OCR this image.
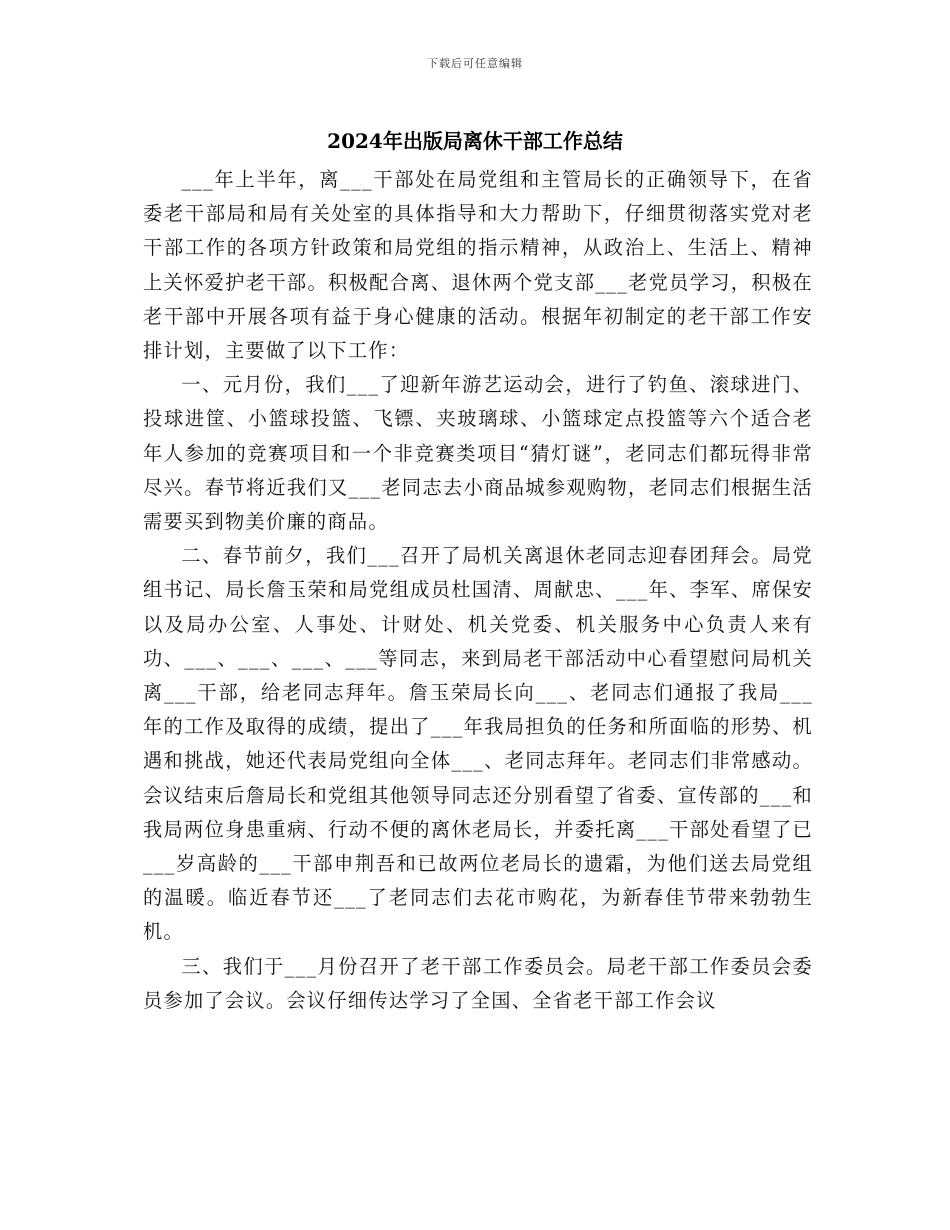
下载后可任意编辑
2024年出版局离休干部工作总结

___年上半年，离___干部处在局党组和主管局长的正确领导下，在省委老干部局和局有关处室的具体指导和大力帮助下，仔细贯彻落实党对老干部工作的各项方针政策和局党组的指示精神，从政治上、生活上、精神上关怀爱护老干部。积极配合离、退休两个党支部___老党员学习，积极在老干部中开展各项有益于身心健康的活动。根据年初制定的老干部工作安排计划，主要做了以下工作：

一、元月份，我们___了迎新年游艺运动会，进行了钓鱼、滚球进门、投球进筐、小篮球投篮、飞镖、夹玻璃球、小篮球定点投篮等六个适合老年人参加的竞赛项目和一个非竞赛类项目“猜灯谜”，老同志们都玩得非常尽兴。春节将近我们又___老同志去小商品城参观购物，老同志们根据生活需要买到物美价廉的商品。

二、春节前夕，我们___召开了局机关离退休老同志迎春团拜会。局党组书记、局长詹玉荣和局党组成员杜国清、周献忠、___年、李军、席保安以及局办公室、人事处、计财处、机关党委、机关服务中心负责人来有功、___、___、___、___等同志，来到局老干部活动中心看望慰问局机关离___干部，给老同志拜年。詹玉荣局长向___、老同志们通报了我局___年的工作及取得的成绩，提出了___年我局担负的任务和所面临的形势、机遇和挑战，她还代表局党组向全体___、老同志拜年。老同志们非常感动。会议结束后詹局长和党组其他领导同志还分别看望了省委、宣传部的___和我局两位身患重病、行动不便的离休老局长，并委托离___干部处看望了已___岁高龄的___干部申荆吾和已故两位老局长的遗霜，为他们送去局党组的温暖。临近春节还___了老同志们去花市购花，为新春佳节带来勃勃生机。

三、我们于___月份召开了老干部工作委员会。局老干部工作委员会委员参加了会议。会议仔细传达学习了全国、全省老干部工作会议
